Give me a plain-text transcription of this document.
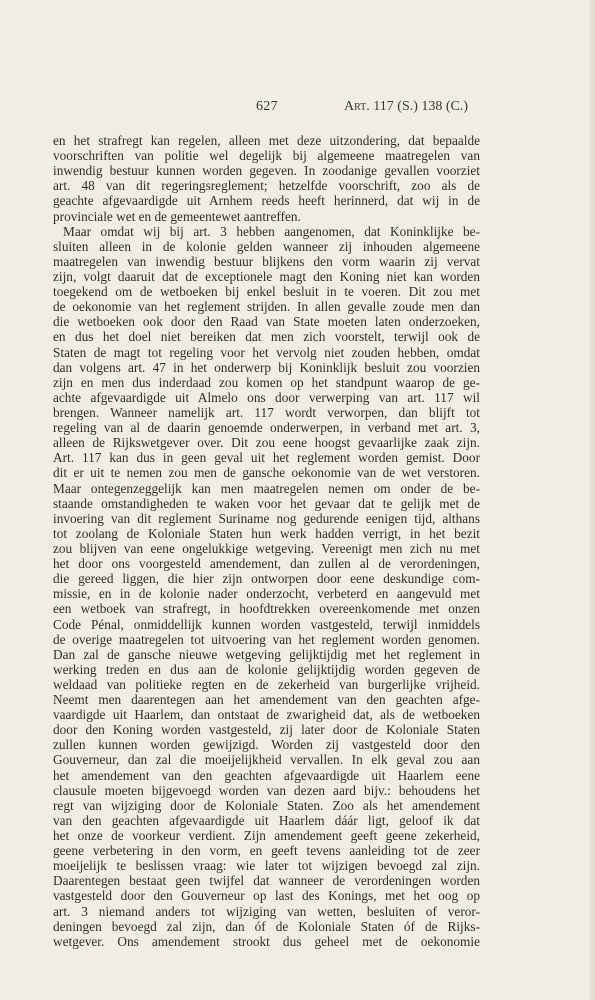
627	Art. 117 (S.) 138 (C.)
en het strafregt kan regelen, alleen met deze uitzondering, dat bepaalde
voorschriften van politie wel degelijk bij algemeene maatregelen van
inwendig bestuur kunnen worden gegeven. In zoodanige gevallen voorziet
art. 48 van dit regeringsreglement; hetzelfde voorschrift, zoo als de
geachte afgevaardigde uit Arnhem reeds heeft herinnerd, dat wij in de
provinciale wet en de gemeentewet aantreffen.
Maar omdat wij bij art. 3 hebben aangenomen, dat Koninklijke be-
sluiten alleen in de kolonie gelden wanneer zij inhouden algemeene
maatregelen van inwendig bestuur blijkens den vorm waarin zij vervat
zijn, volgt daaruit dat de exceptionele magt den Koning niet kan worden
toegekend om de wetboeken bij enkel besluit in te voeren. Dit zou met
de oekonomie van het reglement strijden. In allen gevalle zoude men dan
die wetboeken ook door den Raad van State moeten laten onderzoeken,
en dus het doel niet bereiken dat men zich voorstelt, terwijl ook de
Staten de magt tot regeling voor het vervolg niet zouden hebben, omdat
dan volgens art. 47 in het onderwerp bij Koninklijk besluit zou voorzien
zijn en men dus inderdaad zou komen op het standpunt waarop de ge-
achte afgevaardigde uit Almelo ons door verwerping van art. 117 wil
brengen. Wanneer namelijk art. 117 wordt verworpen, dan blijft tot
regeling van al de daarin genoemde onderwerpen, in verband met art. 3,
alleen de Rijkswetgever over. Dit zou eene hoogst gevaarlijke zaak zijn.
Art. 117 kan dus in geen geval uit het reglement worden gemist. Door
dit er uit te nemen zou men de gansche oekonomie van de wet verstoren.
Maar ontegenzeggelijk kan men maatregelen nemen om onder de be-
staande omstandigheden te waken voor het gevaar dat te gelijk met de
invoering van dit reglement Suriname nog gedurende eenigen tijd, althans
tot zoolang de Koloniale Staten hun werk hadden verrigt, in het bezit
zou blijven van eene ongelukkige wetgeving. Vereenigt men zich nu met
het door ons voorgesteld amendement, dan zullen al de verordeningen,
die gereed liggen, die hier zijn ontworpen door eene deskundige com-
missie, en in de kolonie nader onderzocht, verbeterd en aangevuld met
een wetboek van strafregt, in hoofdtrekken overeenkomende met onzen
Code Pénal, onmiddellijk kunnen worden vastgesteld, terwijl inmiddels
de overige maatregelen tot uitvoering van het reglement worden genomen.
Dan zal de gansche nieuwe wetgeving gelijktijdig met het reglement in
werking treden en dus aan de kolonie gelijktijdig worden gegeven de
weldaad van politieke regten en de zekerheid van burgerlijke vrijheid.
Neemt men daarentegen aan het amendement van den geachten afge-
vaardigde uit Haarlem, dan ontstaat de zwarigheid dat, als de wetboeken
door den Koning worden vastgesteld, zij later door de Koloniale Staten
zullen kunnen worden gewijzigd. Worden zij vastgesteld door den
Gouverneur, dan zal die moeijelijkheid vervallen. In elk geval zou aan
het amendement van den geachten afgevaardigde uit Haarlem eene
clausule moeten bijgevoegd worden van dezen aard bijv.: behoudens het
regt van wijziging door de Koloniale Staten. Zoo als het amendement
van den geachten afgevaardigde uit Haarlem dáár ligt, geloof ik dat
het onze de voorkeur verdient. Zijn amendement geeft geene zekerheid,
geene verbetering in den vorm, en geeft tevens aanleiding tot de zeer
moeijelijk te beslissen vraag: wie later tot wijzigen bevoegd zal zijn.
Daarentegen bestaat geen twijfel dat wanneer de verordeningen worden
vastgesteld door den Gouverneur op last des Konings, met het oog op
art. 3 niemand anders tot wijziging van wetten, besluiten of veror-
deningen bevoegd zal zijn, dan óf de Koloniale Staten óf de Rijks-
wetgever. Ons amendement strookt dus geheel met de oekonomie
